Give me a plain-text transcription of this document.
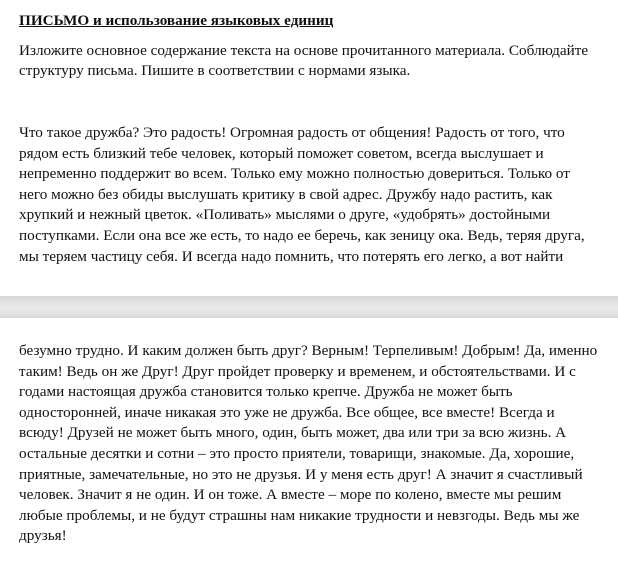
ПИСЬМО и использование языковых единиц

Изложите основное содержание текста на основе прочитанного материала. Соблюдайте
структуру письма. Пишите в соответствии с нормами языка.

Что такое дружба? Это радость! Огромная радость от общения! Радость от того, что
рядом есть близкий тебе человек, который поможет советом, всегда выслушает и
непременно поддержит во всем. Только ему можно полностью довериться. Только от
него можно без обиды выслушать критику в свой адрес. Дружбу надо растить, как
хрупкий и нежный цветок. «Поливать» мыслями о друге, «удобрять» достойными
поступками. Если она все же есть, то надо ее беречь, как зеницу ока. Ведь, теряя друга,
мы теряем частицу себя. И всегда надо помнить, что потерять его легко, а вот найти

безумно трудно. И каким должен быть друг? Верным! Терпеливым! Добрым! Да, именно
таким! Ведь он же Друг! Друг пройдет проверку и временем, и обстоятельствами. И с
годами настоящая дружба становится только крепче. Дружба не может быть
односторонней, иначе никакая это уже не дружба. Все общее, все вместе! Всегда и
всюду! Друзей не может быть много, один, быть может, два или три за всю жизнь. А
остальные десятки и сотни – это просто приятели, товарищи, знакомые. Да, хорошие,
приятные, замечательные, но это не друзья. И у меня есть друг! А значит я счастливый
человек. Значит я не один. И он тоже. А вместе – море по колено, вместе мы решим
любые проблемы, и не будут страшны нам никакие трудности и невзгоды. Ведь мы же
друзья!
